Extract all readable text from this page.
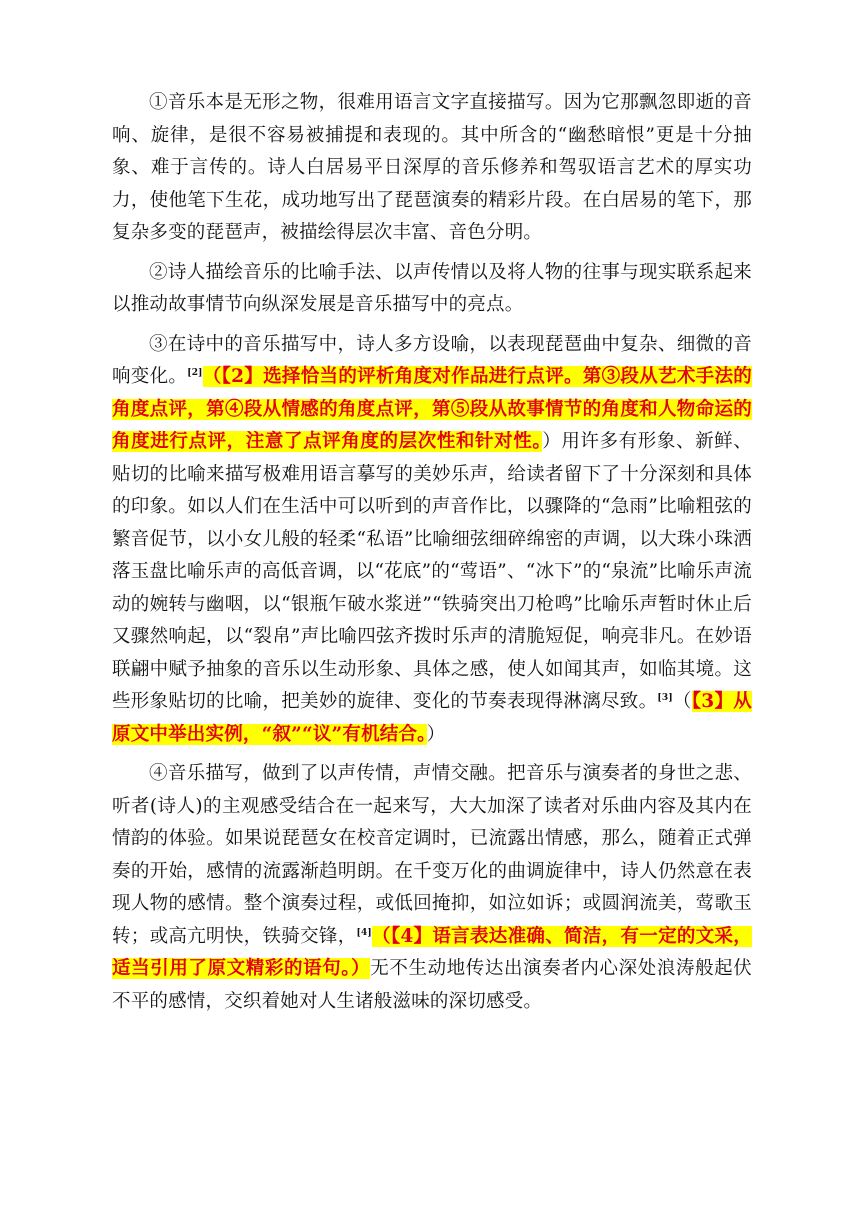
①音乐本是无形之物，很难用语言文字直接描写。因为它那飘忽即逝的音响、旋律，是很不容易被捕提和表现的。其中所含的“幽愁暗恨”更是十分抽象、难于言传的。诗人白居易平日深厚的音乐修养和驾驭语言艺术的厚实功力，使他笔下生花，成功地写出了琵琶演奏的精彩片段。在白居易的笔下，那复杂多变的琵琶声，被描绘得层次丰富、音色分明。

②诗人描绘音乐的比喻手法、以声传情以及将人物的往事与现实联系起来以推动故事情节向纵深发展是音乐描写中的亮点。

③在诗中的音乐描写中，诗人多方设喻，以表现琵琶曲中复杂、细微的音响变化。[2]（【2】选择恰当的评析角度对作品进行点评。第③段从艺术手法的角度点评，第④段从情感的角度点评，第⑤段从故事情节的角度和人物命运的角度进行点评，注意了点评角度的层次性和针对性。）用许多有形象、新鲜、贴切的比喻来描写极难用语言摹写的美妙乐声，给读者留下了十分深刻和具体的印象。如以人们在生活中可以听到的声音作比，以骤降的“急雨”比喻粗弦的繁音促节，以小女儿般的轻柔“私语”比喻细弦细碎绵密的声调，以大珠小珠洒落玉盘比喻乐声的高低音调，以“花底”的“莺语”、“冰下”的“泉流”比喻乐声流动的婉转与幽咽，以“银瓶乍破水浆迸”“铁骑突出刀枪鸣”比喻乐声暂时休止后又骤然响起，以“裂帛”声比喻四弦齐拨时乐声的清脆短促，响亮非凡。在妙语联翩中赋予抽象的音乐以生动形象、具体之感，使人如闻其声，如临其境。这些形象贴切的比喻，把美妙的旋律、变化的节奏表现得淋漓尽致。[3]（【3】从原文中举出实例，“叙”“议”有机结合。）

④音乐描写，做到了以声传情，声情交融。把音乐与演奏者的身世之悲、听者(诗人)的主观感受结合在一起来写，大大加深了读者对乐曲内容及其内在情韵的体验。如果说琵琶女在校音定调时，已流露出情感，那么，随着正式弹奏的开始，感情的流露渐趋明朗。在千变万化的曲调旋律中，诗人仍然意在表现人物的感情。整个演奏过程，或低回掩抑，如泣如诉；或圆润流美，莺歌玉转；或高亢明快，铁骑交锋，[4]（【4】语言表达准确、简洁，有一定的文采，适当引用了原文精彩的语句。）无不生动地传达出演奏者内心深处浪涛般起伏不平的感情，交织着她对人生诸般滋味的深切感受。
